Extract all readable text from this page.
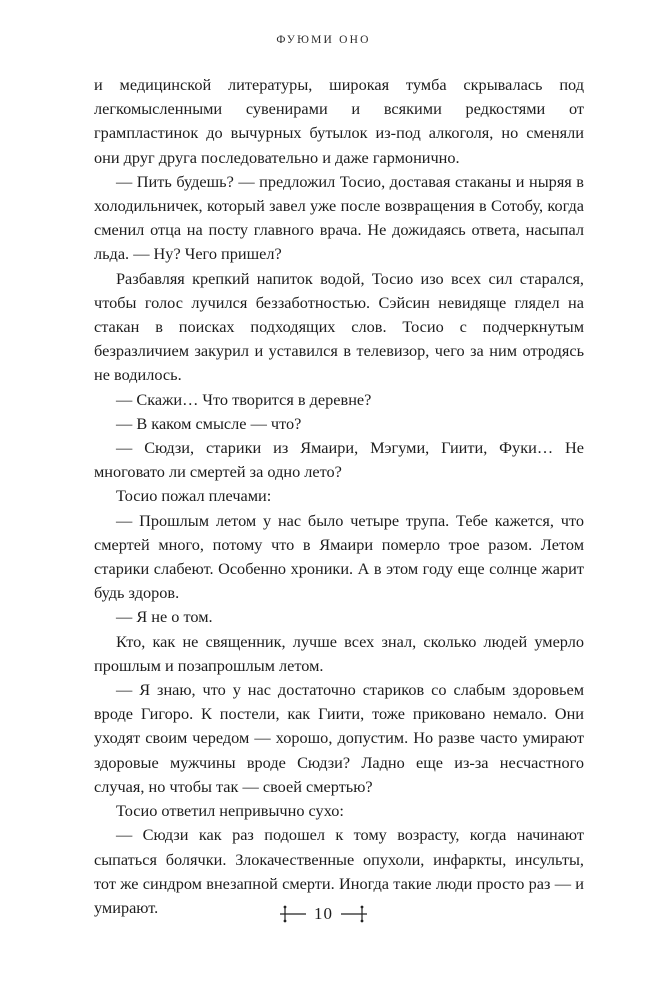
ФУЮМИ ОНО

и медицинской литературы, широкая тумба скрывалась под легкомысленными сувенирами и всякими редкостями от грампластинок до вычурных бутылок из-под алкоголя, но сменяли они друг друга последовательно и даже гармонично.

— Пить будешь? — предложил Тосио, доставая стаканы и ныряя в холодильничек, который завел уже после возвращения в Сотобу, когда сменил отца на посту главного врача. Не дожидаясь ответа, насыпал льда. — Ну? Чего пришел?

Разбавляя крепкий напиток водой, Тосио изо всех сил старался, чтобы голос лучился беззаботностью. Сэйсин невидяще глядел на стакан в поисках подходящих слов. Тосио с подчеркнутым безразличием закурил и уставился в телевизор, чего за ним отродясь не водилось.

— Скажи… Что творится в деревне?

— В каком смысле — что?

— Сюдзи, старики из Ямаири, Мэгуми, Гиити, Фуки… Не многовато ли смертей за одно лето?

Тосио пожал плечами:

— Прошлым летом у нас было четыре трупа. Тебе кажется, что смертей много, потому что в Ямаири померло трое разом. Летом старики слабеют. Особенно хроники. А в этом году еще солнце жарит будь здоров.

— Я не о том.

Кто, как не священник, лучше всех знал, сколько людей умерло прошлым и позапрошлым летом.

— Я знаю, что у нас достаточно стариков со слабым здоровьем вроде Гигоро. К постели, как Гиити, тоже приковано немало. Они уходят своим чередом — хорошо, допустим. Но разве часто умирают здоровые мужчины вроде Сюдзи? Ладно еще из-за несчастного случая, но чтобы так — своей смертью?

Тосио ответил непривычно сухо:

— Сюдзи как раз подошел к тому возрасту, когда начинают сыпаться болячки. Злокачественные опухоли, инфаркты, инсульты, тот же синдром внезапной смерти. Иногда такие люди просто раз — и умирают.	10
